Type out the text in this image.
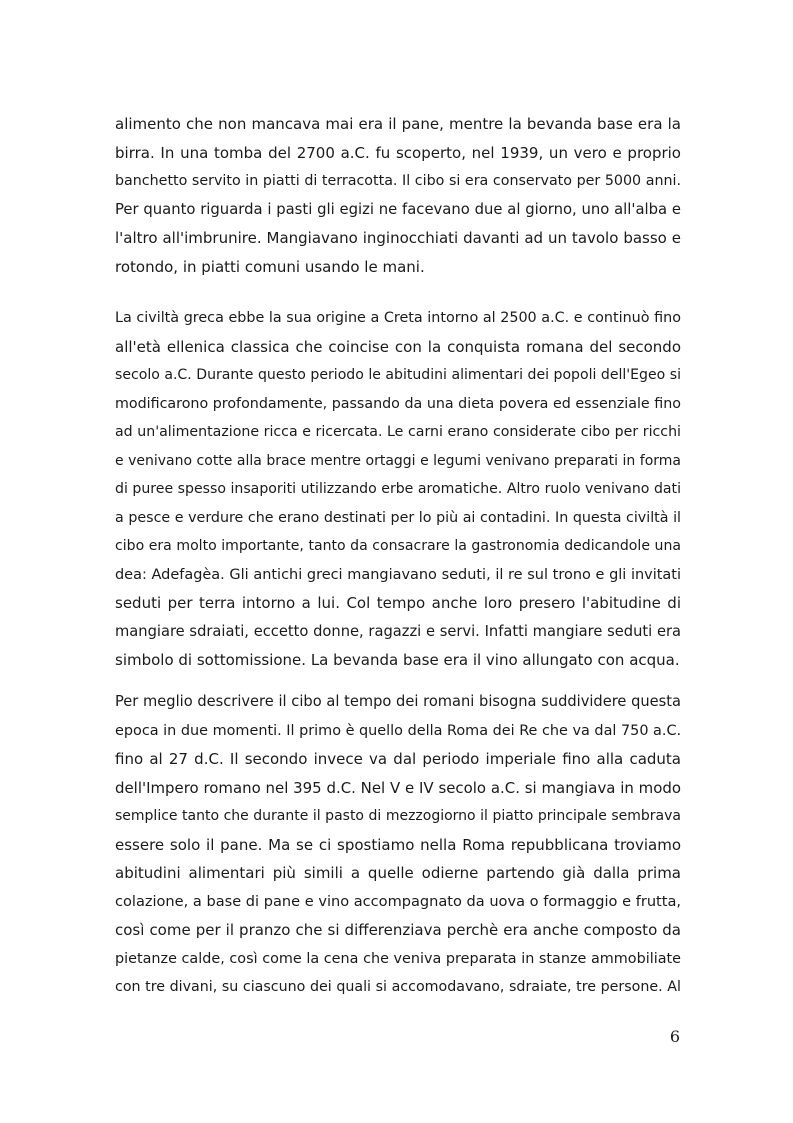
alimento che non mancava mai era il pane, mentre la bevanda base era la
birra. In una tomba del 2700 a.C. fu scoperto, nel 1939, un vero e proprio
banchetto servito in piatti di terracotta. Il cibo si era conservato per 5000 anni.
Per quanto riguarda i pasti gli egizi ne facevano due al giorno, uno all'alba e
l'altro all'imbrunire. Mangiavano inginocchiati davanti ad un tavolo basso e
rotondo, in piatti comuni usando le mani.
La civiltà greca ebbe la sua origine a Creta intorno al 2500 a.C. e continuò fino
all'età ellenica classica che coincise con la conquista romana del secondo
secolo a.C. Durante questo periodo le abitudini alimentari dei popoli dell'Egeo si
modificarono profondamente, passando da una dieta povera ed essenziale fino
ad un'alimentazione ricca e ricercata. Le carni erano considerate cibo per ricchi
e venivano cotte alla brace mentre ortaggi e legumi venivano preparati in forma
di puree spesso insaporiti utilizzando erbe aromatiche. Altro ruolo venivano dati
a pesce e verdure che erano destinati per lo più ai contadini. In questa civiltà il
cibo era molto importante, tanto da consacrare la gastronomia dedicandole una
dea: Adefagèa. Gli antichi greci mangiavano seduti, il re sul trono e gli invitati
seduti per terra intorno a lui. Col tempo anche loro presero l'abitudine di
mangiare sdraiati, eccetto donne, ragazzi e servi. Infatti mangiare seduti era
simbolo di sottomissione. La bevanda base era il vino allungato con acqua.
Per meglio descrivere il cibo al tempo dei romani bisogna suddividere questa
epoca in due momenti. Il primo è quello della Roma dei Re che va dal 750 a.C.
fino al 27 d.C. Il secondo invece va dal periodo imperiale fino alla caduta
dell'Impero romano nel 395 d.C. Nel V e IV secolo a.C. si mangiava in modo
semplice tanto che durante il pasto di mezzogiorno il piatto principale sembrava
essere solo il pane. Ma se ci spostiamo nella Roma repubblicana troviamo
abitudini alimentari più simili a quelle odierne partendo già dalla prima
colazione, a base di pane e vino accompagnato da uova o formaggio e frutta,
così come per il pranzo che si differenziava perchè era anche composto da
pietanze calde, così come la cena che veniva preparata in stanze ammobiliate
con tre divani, su ciascuno dei quali si accomodavano, sdraiate, tre persone. Al
6
